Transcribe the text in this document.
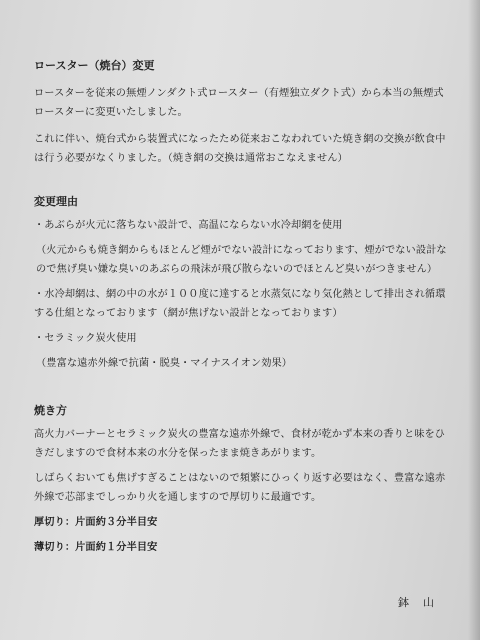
ロースター（焼台）変更

ロースターを従来の無煙ノンダクト式ロースター（有煙独立ダクト式）から本当の無煙式

ロースターに変更いたしました。

これに伴い、焼台式から装置式になったため従来おこなわれていた焼き網の交換が飲食中

は行う必要がなくりました。（焼き網の交換は通常おこなえません）

変更理由

・あぶらが火元に落ちない設計で、高温にならない水冷却網を使用

（火元からも焼き網からもほとんど煙がでない設計になっております、煙がでない設計な

ので焦げ臭い嫌な臭いのあぶらの飛沫が飛び散らないのでほとんど臭いがつきません）

・水冷却網は、網の中の水が１００度に達すると水蒸気になり気化熱として排出され循環

する仕組となっております（網が焦げない設計となっております）

・セラミック炭火使用

（豊富な遠赤外線で抗菌・脱臭・マイナスイオン効果）

焼き方

高火力バーナーとセラミック炭火の豊富な遠赤外線で、食材が乾かず本来の香りと味をひ

きだしますので食材本来の水分を保ったまま焼きあがります。

しばらくおいても焦げすぎることはないので頻繁にひっくり返す必要はなく、豊富な遠赤

外線で芯部までしっかり火を通しますので厚切りに最適です。

厚切り：片面約３分半目安

薄切り：片面約１分半目安

鉢山
